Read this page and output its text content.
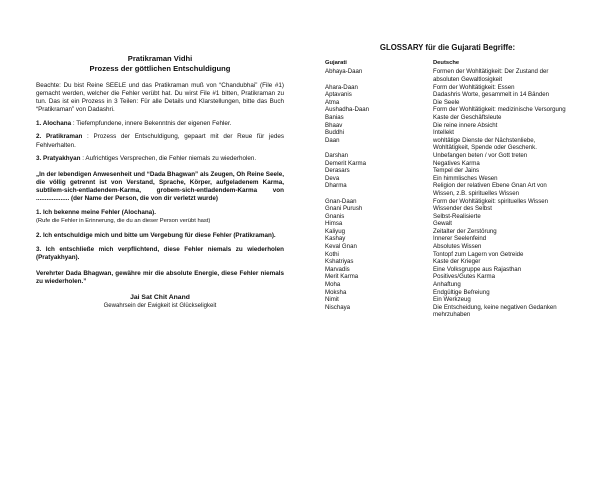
Pratikraman Vidhi
Prozess der göttlichen Entschuldigung

Beachte: Du bist Reine SEELE und das Pratikraman muß von “Chandubhai” (File #1) gemacht werden, welcher die Fehler verübt hat. Du wirst File #1 bitten, Pratikraman zu tun. Das ist ein Prozess in 3 Teilen: Für alle Details und Klarstellungen, bitte das Buch “Pratikraman” von Dadashri.

1. Alochana : Tiefempfundene, innere Bekenntnis der eigenen Fehler.

2. Pratikraman : Prozess der Entschuldigung, gepaart mit der Reue für jedes Fehlverhalten.

3. Pratyakhyan : Aufrichtiges Versprechen, die Fehler niemals zu wiederholen.

„In der lebendigen Anwesenheit und “Dada Bhagwan” als Zeugen, Oh Reine Seele, die völlig getrennt ist von Verstand, Sprache, Körper, aufgeladenem Karma, subtilem-sich-entladendem-Karma, grobem-sich-entladendem-Karma von ................... (der Name der Person, die von dir verletzt wurde)

1. Ich bekenne meine Fehler (Alochana).
(Rufe die Fehler in Erinnerung, die du an dieser Person verübt hast)

2. Ich entschuldige mich und bitte um Vergebung für diese Fehler (Pratikraman).

3. Ich entschließe mich verpflichtend, diese Fehler niemals zu wiederholen (Pratyakhyan).

Verehrter Dada Bhagwan, gewähre mir die absolute Energie, diese Fehler niemals zu wiederholen.”

Jai Sat Chit Anand
Gewahrsein der Ewigkeit ist Glückseligkeit
GLOSSARY für die Gujarati Begriffe:
Gujarati	Deutsche
Abhaya-Daan	Formen der Wohltätigkeit: Der Zustand der absoluten Gewaltlosigkeit
Ahara-Daan	Form der Wohltätigkeit: Essen
Aptavanis	Dadashris Worte, gesammelt in 14 Bänden
Atma	Die Seele
Aushadha-Daan	Form der Wohltätigkeit: medizinische Versorgung
Banias	Kaste der Geschäftsleute
Bhaav	Die reine innere Absicht
Buddhi	Intellekt
Daan	wohltätige Dienste der Nächstenliebe, Wohltätigkeit, Spende oder Geschenk.
Darshan	Unbefangen beten / vor Gott treten
Demerit Karma	Negatives Karma
Derasars	Tempel der Jains
Deva	Ein himmlisches Wesen
Dharma	Religion der relativen Ebene Gnan Art von Wissen, z.B. spirituelles Wissen
Gnan-Daan	Form der Wohltätigkeit: spirituelles Wissen
Gnani Purush	Wissender des Selbst
Gnanis	Selbst-Realisierte
Himsa	Gewalt
Kaliyug	Zeitalter der Zerstörung
Kashay	Innerer Seelenfeind
Keval Gnan	Absolutes Wissen
Kothi	Tontopf zum Lagern von Getreide
Kshatriyas	Kaste der Krieger
Marvadis	Eine Volksgruppe aus Rajasthan
Merit Karma	Positives/Gutes Karma
Moha	Anhaftung
Moksha	Endgültige Befreiung
Nimit	Ein Werkzeug
Nischaya	Die Entscheidung, keine negativen Gedanken mehrzuhaben
